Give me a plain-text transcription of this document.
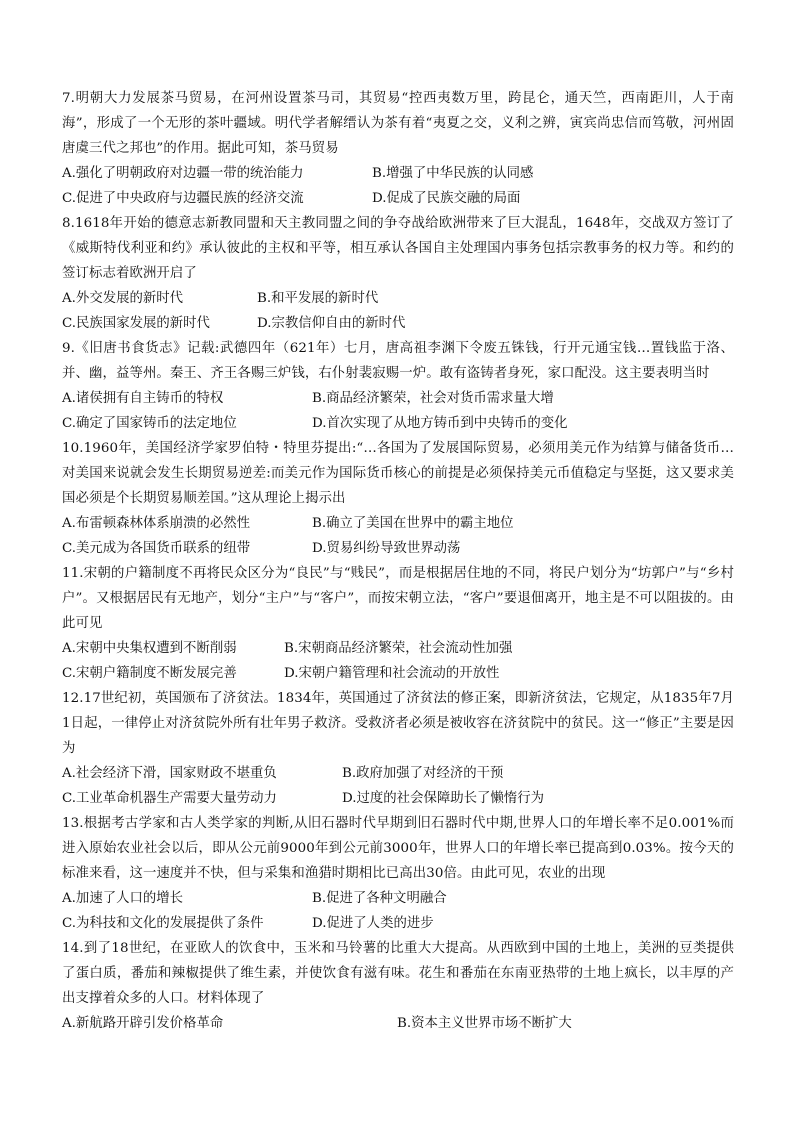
7.明朝大力发展茶马贸易，在河州设置茶马司，其贸易“控西夷数万里，跨昆仑，通天竺，西南距川，人于南海”，形成了一个无形的茶叶疆域。明代学者解缙认为茶有着“夷夏之交，义利之辨，寅宾尚忠信而笃敬，河州固唐虞三代之邦也”的作用。据此可知，茶马贸易

A.强化了明朝政府对边疆一带的统治能力	B.增强了中华民族的认同感
C.促进了中央政府与边疆民族的经济交流	D.促成了民族交融的局面

8.1618年开始的德意志新教同盟和天主教同盟之间的争夺战给欧洲带来了巨大混乱，1648年，交战双方签订了《威斯特伐利亚和约》承认彼此的主权和平等，相互承认各国自主处理国内事务包括宗教事务的权力等。和约的签订标志着欧洲开启了

A.外交发展的新时代	B.和平发展的新时代
C.民族国家发展的新时代	D.宗教信仰自由的新时代

9.《旧唐书食货志》记载:武德四年（621年）七月，唐高祖李渊下令废五铢钱，行开元通宝钱…置钱监于洛、并、幽，益等州。秦王、齐王各赐三炉钱，右仆射裴寂赐一炉。敢有盗铸者身死，家口配没。这主要表明当时

A.诸侯拥有自主铸币的特权	B.商品经济繁荣，社会对货币需求量大增
C.确定了国家铸币的法定地位	D.首次实现了从地方铸币到中央铸币的变化

10.1960年，美国经济学家罗伯特・特里芬提出:“…各国为了发展国际贸易，必须用美元作为结算与储备货币…对美国来说就会发生长期贸易逆差:而美元作为国际货币核心的前提是必须保持美元币值稳定与坚挺，这又要求美国必须是个长期贸易顺差国。”这从理论上揭示出

A.布雷顿森林体系崩溃的必然性	B.确立了美国在世界中的霸主地位
C.美元成为各国货币联系的纽带	D.贸易纠纷导致世界动荡

11.宋朝的户籍制度不再将民众区分为“良民”与“贱民”，而是根据居住地的不同，将民户划分为“坊郭户”与“乡村户”。又根据居民有无地产，划分“主户”与“客户”，而按宋朝立法，“客户”要退佃离开，地主是不可以阻拔的。由此可见

A.宋朝中央集权遭到不断削弱	B.宋朝商品经济繁荣，社会流动性加强
C.宋朝户籍制度不断发展完善	D.宋朝户籍管理和社会流动的开放性

12.17世纪初，英国颁布了济贫法。1834年，英国通过了济贫法的修正案，即新济贫法，它规定，从1835年7月1日起，一律停止对济贫院外所有壮年男子救济。受救济者必须是被收容在济贫院中的贫民。这一“修正”主要是因为

A.社会经济下滑，国家财政不堪重负	B.政府加强了对经济的干预
C.工业革命机器生产需要大量劳动力	D.过度的社会保障助长了懒惰行为

13.根据考古学家和古人类学家的判断,从旧石器时代早期到旧石器时代中期,世界人口的年增长率不足0.001%而进入原始农业社会以后，即从公元前9000年到公元前3000年，世界人口的年增长率已提高到0.03%。按今天的标准来看，这一速度并不快，但与采集和渔猎时期相比已高出30倍。由此可见，农业的出现

A.加速了人口的增长	B.促进了各种文明融合
C.为科技和文化的发展提供了条件	D.促进了人类的进步

14.到了18世纪，在亚欧人的饮食中，玉米和马铃薯的比重大大提高。从西欧到中国的土地上，美洲的豆类提供了蛋白质，番茄和辣椒提供了维生素，并使饮食有滋有味。花生和番茄在东南亚热带的土地上疯长，以丰厚的产出支撑着众多的人口。材料体现了

A.新航路开辟引发价格革命	B.资本主义世界市场不断扩大
